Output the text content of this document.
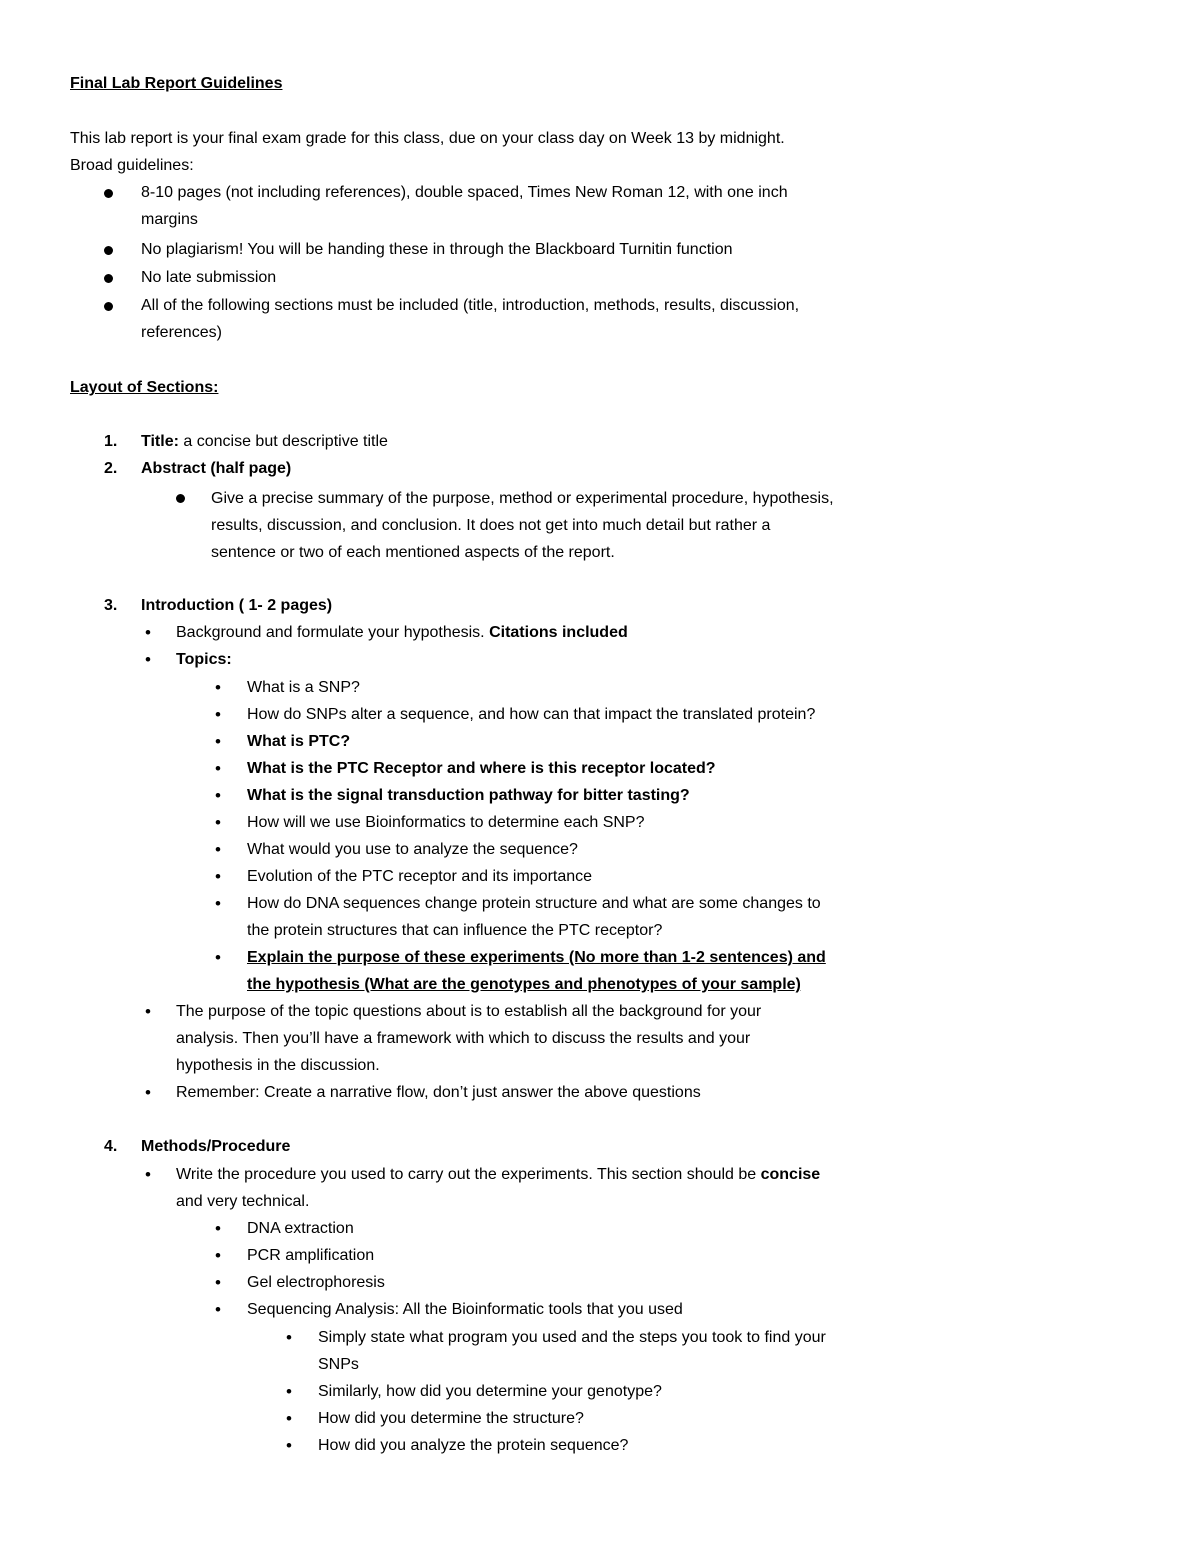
Final Lab Report Guidelines
This lab report is your final exam grade for this class, due on your class day on Week 13 by midnight.
Broad guidelines:
8-10 pages (not including references), double spaced, Times New Roman 12, with one inch
margins
No plagiarism! You will be handing these in through the Blackboard Turnitin function
No late submission
All of the following sections must be included (title, introduction, methods, results, discussion,
references)
Layout of Sections:
1. Title: a concise but descriptive title
2. Abstract (half page)
Give a precise summary of the purpose, method or experimental procedure, hypothesis,
results, discussion, and conclusion. It does not get into much detail but rather a
sentence or two of each mentioned aspects of the report.
3. Introduction ( 1- 2 pages)
• Background and formulate your hypothesis. Citations included
• Topics:
• What is a SNP?
• How do SNPs alter a sequence, and how can that impact the translated protein?
• What is PTC?
• What is the PTC Receptor and where is this receptor located?
• What is the signal transduction pathway for bitter tasting?
• How will we use Bioinformatics to determine each SNP?
• What would you use to analyze the sequence?
• Evolution of the PTC receptor and its importance
• How do DNA sequences change protein structure and what are some changes to
the protein structures that can influence the PTC receptor?
• Explain the purpose of these experiments (No more than 1-2 sentences) and
the hypothesis (What are the genotypes and phenotypes of your sample)
• The purpose of the topic questions about is to establish all the background for your
analysis. Then you’ll have a framework with which to discuss the results and your
hypothesis in the discussion.
• Remember: Create a narrative flow, don’t just answer the above questions
4. Methods/Procedure
• Write the procedure you used to carry out the experiments. This section should be concise
and very technical.
• DNA extraction
• PCR amplification
• Gel electrophoresis
• Sequencing Analysis: All the Bioinformatic tools that you used
• Simply state what program you used and the steps you took to find your
SNPs
• Similarly, how did you determine your genotype?
• How did you determine the structure?
• How did you analyze the protein sequence?
